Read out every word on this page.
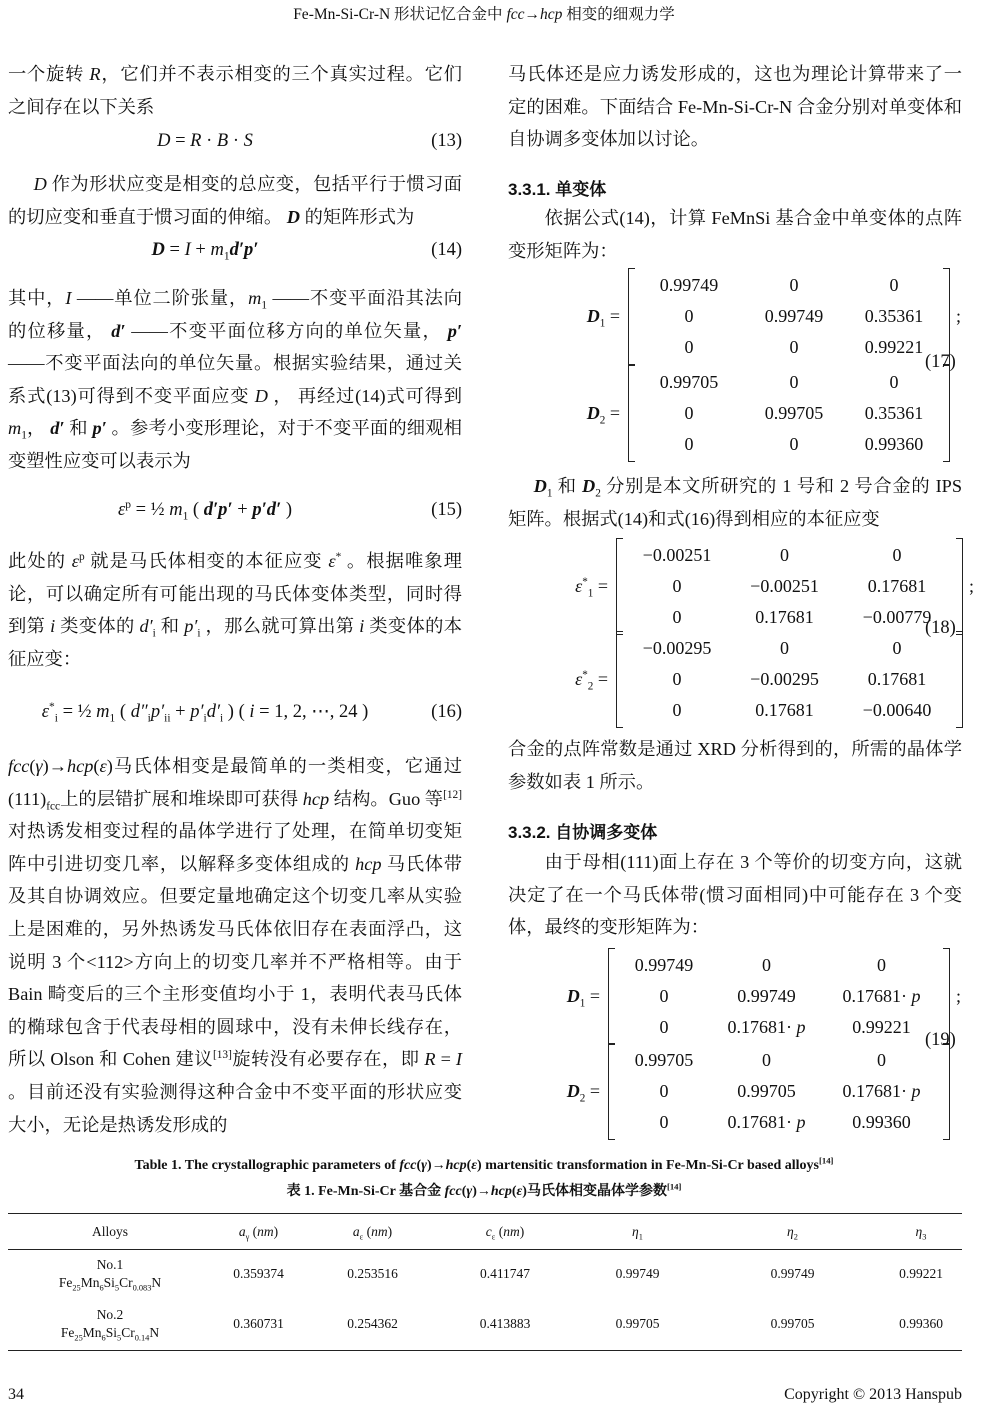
Fe-Mn-Si-Cr-N 形状记忆合金中 fcc→hcp 相变的细观力学
一个旋转 R，它们并不表示相变的三个真实过程。它们之间存在以下关系
D = R · B · S	(13)
D 作为形状应变是相变的总应变，包括平行于惯习面的切应变和垂直于惯习面的伸缩。 D 的矩阵形式为
$D = I + m_1d'p'$	(14)
其中，I ——单位二阶张量，$m_1$ ——不变平面沿其法向的位移量， d′ ——不变平面位移方向的单位矢量， p′ ——不变平面法向的单位矢量。根据实验结果，通过关系式(13)可得到不变平面应变 D ， 再经过(14)式可得到 $m_1$， d′ 和 p′ 。参考小变形理论，对于不变平面的细观相变塑性应变可以表示为
$\varepsilon^p$ = ½ $m_1$ ( d′p′ + p′d′ )	(15)
此处的 $\varepsilon^p$ 就是马氏体相变的本征应变 ε* 。根据唯象理论，可以确定所有可能出现的马氏体变体类型，同时得到第 i 类变体的 $d'_i$ 和 $p'_i$ ，那么就可算出第 i 类变体的本征应变：
$\varepsilon^*_i$ = ½ $m_1$ ( $d''_ip'_{ii} + p'_id'_i$ ) ( i = 1, 2, ⋯, 24 )	(16)
fcc(γ)→hcp(ε)马氏体相变是最简单的一类相变，它通过$(111)_{fcc}$上的层错扩展和堆垛即可获得 hcp 结构。Guo 等[12]对热诱发相变过程的晶体学进行了处理，在简单切变矩阵中引进切变几率，以解释多变体组成的 hcp 马氏体带及其自协调效应。但要定量地确定这个切变几率从实验上是困难的，另外热诱发马氏体依旧存在表面浮凸，这说明 3 个<112>方向上的切变几率并不严格相等。由于 Bain 畸变后的三个主形变值均小于 1，表明代表马氏体的椭球包含于代表母相的圆球中，没有未伸长线存在，所以 Olson 和 Cohen 建议[13]旋转没有必要存在，即 R = I 。目前还没有实验测得这种合金中不变平面的形状应变大小，无论是热诱发形成的
马氏体还是应力诱发形成的，这也为理论计算带来了一定的困难。下面结合 Fe-Mn-Si-Cr-N 合金分别对单变体和自协调多变体加以讨论。
3.3.1. 单变体
依据公式(14)，计算 FeMnSi 基合金中单变体的点阵变形矩阵为：
$D_1$ =
0.99749	0	0
0	0.99749	0.35361
0	0	0.99221
;
$D_2$ =
0.99705	0	0
0	0.99705	0.35361
0	0	0.99360
(17)
$D_1$ 和 $D_2$ 分别是本文所研究的 1 号和 2 号合金的 IPS 矩阵。根据式(14)和式(16)得到相应的本征应变
$\varepsilon^*_1$ =
−0.00251	0	0
0	−0.00251	0.17681
0	0.17681	−0.00779
;
$\varepsilon^*_2$ =
−0.00295	0	0
0	−0.00295	0.17681
0	0.17681	−0.00640
(18)
合金的点阵常数是通过 XRD 分析得到的，所需的晶体学参数如表 1 所示。
3.3.2. 自协调多变体
由于母相(111)面上存在 3 个等价的切变方向，这就决定了在一个马氏体带(惯习面相同)中可能存在 3 个变体，最终的变形矩阵为：
$D_1$ =
0.99749	0	0
0	0.99749	0.17681· p
0	0.17681· p	0.99221
;
$D_2$ =
0.99705	0	0
0	0.99705	0.17681· p
0	0.17681· p	0.99360
(19)
Table 1. The crystallographic parameters of fcc(γ)→hcp(ε) martensitic transformation in Fe-Mn-Si-Cr based alloys[14]
表 1. Fe-Mn-Si-Cr 基合金 fcc(γ)→hcp(ε)马氏体相变晶体学参数[14]
Alloys	$a_\gamma$ (nm)	$a_\varepsilon$ (nm)	$c_\varepsilon$ (nm)	$\eta_1$	$\eta_2$	$\eta_3$
No.1
$Fe_{25}Mn_6Si_5Cr_{0.083}N$	0.359374	0.253516	0.411747	0.99749	0.99749	0.99221
No.2
$Fe_{25}Mn_6Si_5Cr_{0.14}N$	0.360731	0.254362	0.413883	0.99705	0.99705	0.99360
34	Copyright © 2013 Hanspub
